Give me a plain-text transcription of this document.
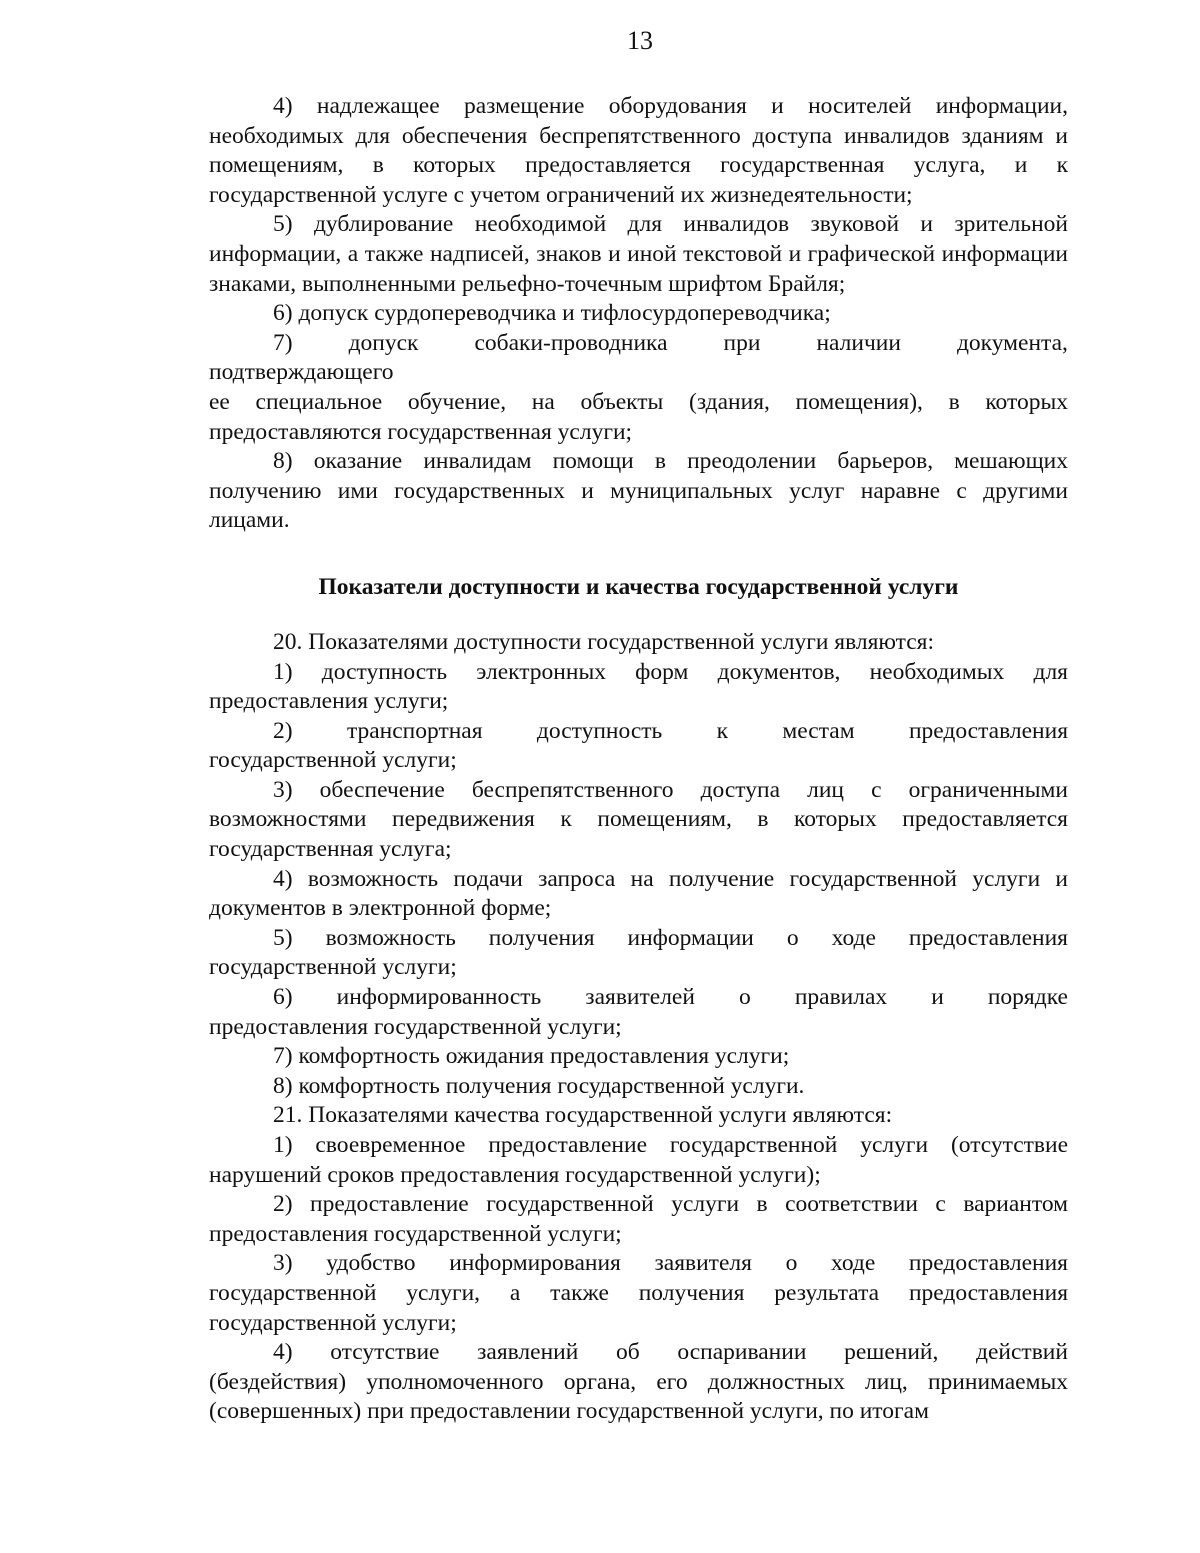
13

4) надлежащее размещение оборудования и носителей информации, необходимых для обеспечения беспрепятственного доступа инвалидов зданиям и помещениям, в которых предоставляется государственная услуга, и к государственной услуге с учетом ограничений их жизнедеятельности;

5) дублирование необходимой для инвалидов звуковой и зрительной информации, а также надписей, знаков и иной текстовой и графической информации знаками, выполненными рельефно-точечным шрифтом Брайля;

6) допуск сурдопереводчика и тифлосурдопереводчика;

7) допуск собаки-проводника при наличии документа,

подтверждающего

ее специальное обучение, на объекты (здания, помещения), в которых предоставляются государственная услуги;

8) оказание инвалидам помощи в преодолении барьеров, мешающих получению ими государственных и муниципальных услуг наравне с другими лицами.

Показатели доступности и качества государственной услуги

20. Показателями доступности государственной услуги являются:

1) доступность электронных форм документов, необходимых для предоставления услуги;

2) транспортная доступность к местам предоставления

государственной услуги;

3) обеспечение беспрепятственного доступа лиц с ограниченными возможностями передвижения к помещениям, в которых предоставляется государственная услуга;

4) возможность подачи запроса на получение государственной услуги и документов в электронной форме;

5) возможность получения информации о ходе предоставления государственной услуги;

6) информированность заявителей о правилах и порядке

предоставления государственной услуги;

7) комфортность ожидания предоставления услуги;

8) комфортность получения государственной услуги.

21. Показателями качества государственной услуги являются:

1) своевременное предоставление государственной услуги (отсутствие нарушений сроков предоставления государственной услуги);

2) предоставление государственной услуги в соответствии с вариантом предоставления государственной услуги;

3) удобство информирования заявителя о ходе предоставления государственной услуги, а также получения результата предоставления государственной услуги;

4) отсутствие заявлений об оспаривании решений, действий

(бездействия) уполномоченного органа, его должностных лиц, принимаемых (совершенных) при предоставлении государственной услуги, по итогам
